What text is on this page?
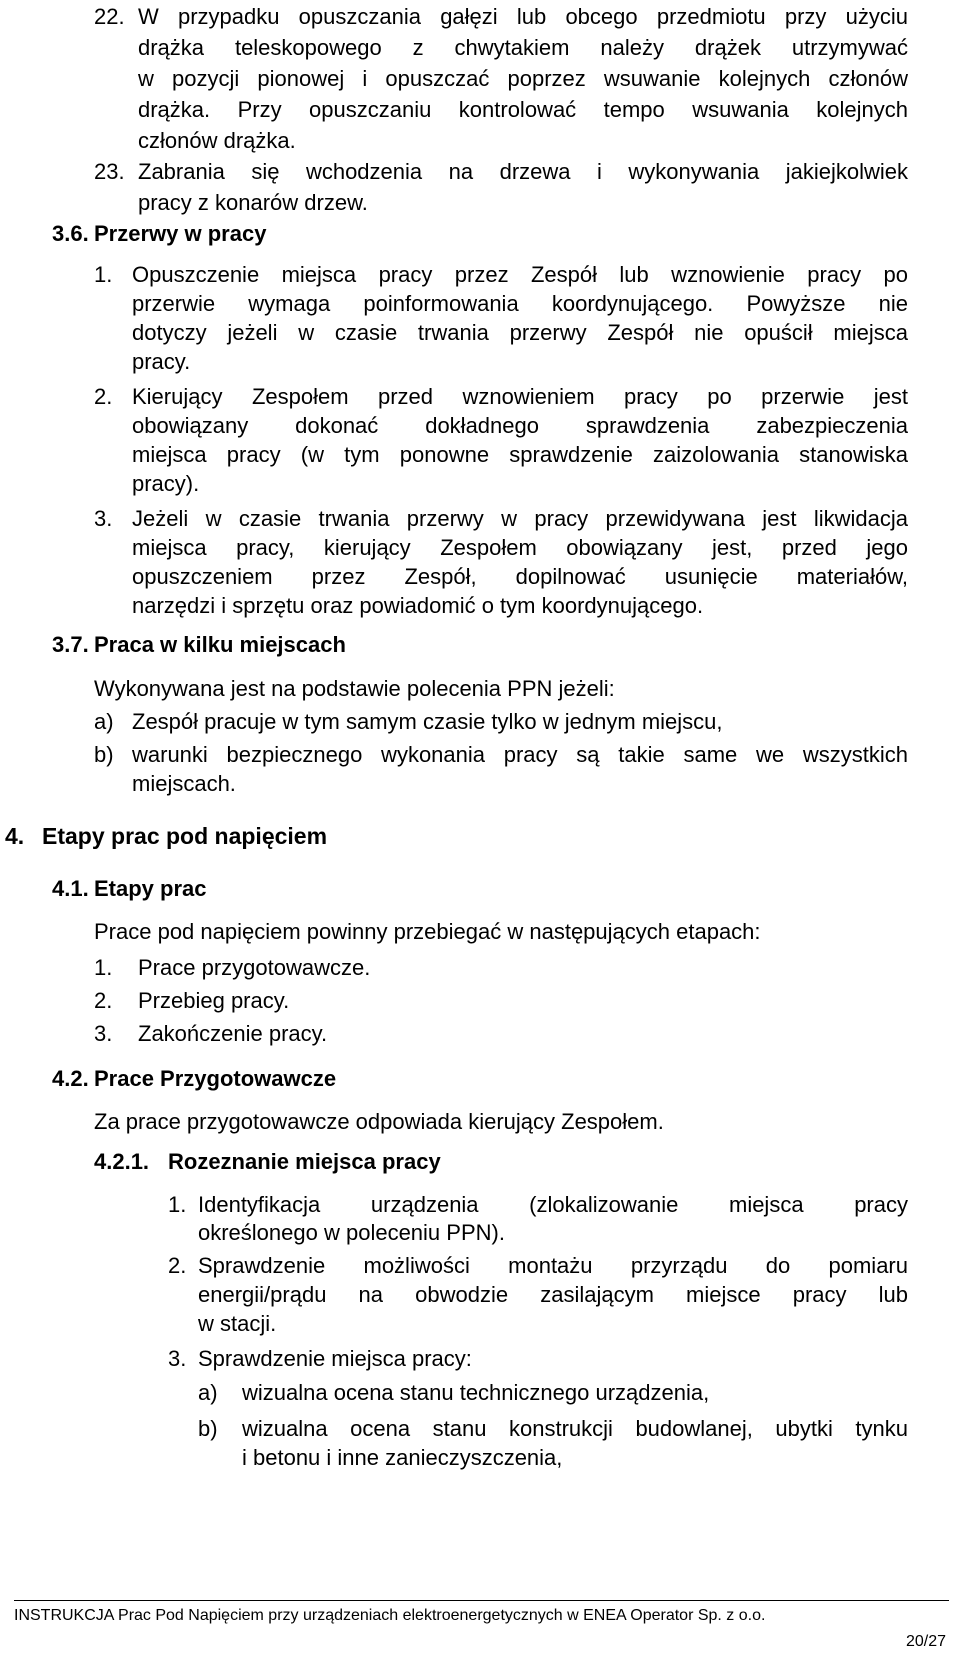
22. W przypadku opuszczania gałęzi lub obcego przedmiotu przy użyciu
drążka teleskopowego z chwytakiem należy drążek utrzymywać
w pozycji pionowej i opuszczać poprzez wsuwanie kolejnych członów
drążka. Przy opuszczaniu kontrolować tempo wsuwania kolejnych
członów drążka.
23. Zabrania się wchodzenia na drzewa i wykonywania jakiejkolwiek
pracy z konarów drzew.
3.6. Przerwy w pracy
1. Opuszczenie miejsca pracy przez Zespół lub wznowienie pracy po
przerwie wymaga poinformowania koordynującego. Powyższe nie
dotyczy jeżeli w czasie trwania przerwy Zespół nie opuścił miejsca
pracy.
2. Kierujący Zespołem przed wznowieniem pracy po przerwie jest
obowiązany dokonać dokładnego sprawdzenia zabezpieczenia
miejsca pracy (w tym ponowne sprawdzenie zaizolowania stanowiska
pracy).
3. Jeżeli w czasie trwania przerwy w pracy przewidywana jest likwidacja
miejsca pracy, kierujący Zespołem obowiązany jest, przed jego
opuszczeniem przez Zespół, dopilnować usunięcie materiałów,
narzędzi i sprzętu oraz powiadomić o tym koordynującego.
3.7. Praca w kilku miejscach
Wykonywana jest na podstawie polecenia PPN jeżeli:
a) Zespół pracuje w tym samym czasie tylko w jednym miejscu,
b) warunki bezpiecznego wykonania pracy są takie same we wszystkich
miejscach.
4. Etapy prac pod napięciem
4.1. Etapy prac
Prace pod napięciem powinny przebiegać w następujących etapach:
1. Prace przygotowawcze.
2. Przebieg pracy.
3. Zakończenie pracy.
4.2. Prace Przygotowawcze
Za prace przygotowawcze odpowiada kierujący Zespołem.
4.2.1. Rozeznanie miejsca pracy
1. Identyfikacja urządzenia (zlokalizowanie miejsca pracy
określonego w poleceniu PPN).
2. Sprawdzenie możliwości montażu przyrządu do pomiaru
energii/prądu na obwodzie zasilającym miejsce pracy lub
w stacji.
3. Sprawdzenie miejsca pracy:
a) wizualna ocena stanu technicznego urządzenia,
b) wizualna ocena stanu konstrukcji budowlanej, ubytki tynku
i betonu i inne zanieczyszczenia,
INSTRUKCJA Prac Pod Napięciem przy urządzeniach elektroenergetycznych w ENEA Operator Sp. z o.o.
20/27
